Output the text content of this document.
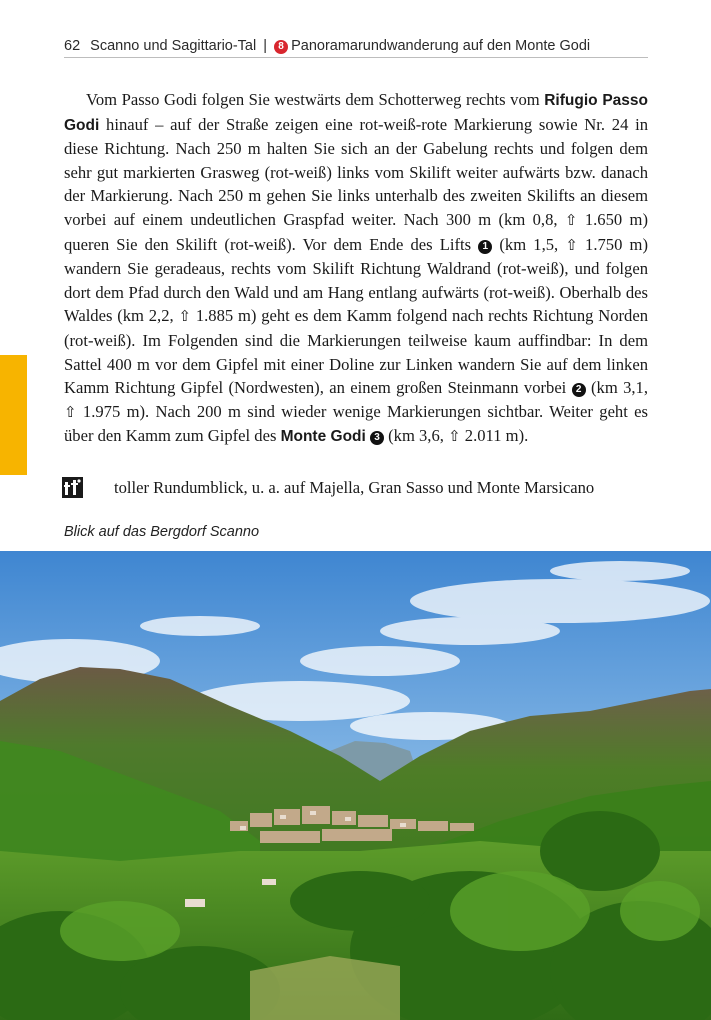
62 Scanno und Sagittario-Tal | 8 Panoramarundwanderung auf den Monte Godi

Vom Passo Godi folgen Sie westwärts dem Schotterweg rechts vom Rifugio Passo Godi hinauf – auf der Straße zeigen eine rot-weiß-rote Markierung sowie Nr. 24 in diese Richtung. Nach 250 m halten Sie sich an der Gabelung rechts und folgen dem sehr gut markierten Grasweg (rot-weiß) links vom Skilift weiter aufwärts bzw. danach der Markierung. Nach 250 m gehen Sie links unterhalb des zweiten Skilifts an diesem vorbei auf einem undeutlichen Graspfad weiter. Nach 300 m (km 0,8, ⇧ 1.650 m) queren Sie den Skilift (rot-weiß). Vor dem Ende des Lifts 1 (km 1,5, ⇧ 1.750 m) wandern Sie geradeaus, rechts vom Skilift Richtung Waldrand (rot-weiß), und folgen dort dem Pfad durch den Wald und am Hang entlang aufwärts (rot-weiß). Oberhalb des Waldes (km 2,2, ⇧ 1.885 m) geht es dem Kamm folgend nach rechts Richtung Norden (rot-weiß). Im Folgenden sind die Markierungen teilweise kaum auffindbar: In dem Sattel 400 m vor dem Gipfel mit einer Doline zur Linken wandern Sie auf dem linken Kamm Richtung Gipfel (Nordwesten), an einem großen Steinmann vorbei 2 (km 3,1, ⇧ 1.975 m). Nach 200 m sind wieder wenige Markierungen sichtbar. Weiter geht es über den Kamm zum Gipfel des Monte Godi 3 (km 3,6, ⇧ 2.011 m).

toller Rundumblick, u. a. auf Majella, Gran Sasso und Monte Marsicano
Blick auf das Bergdorf Scanno
